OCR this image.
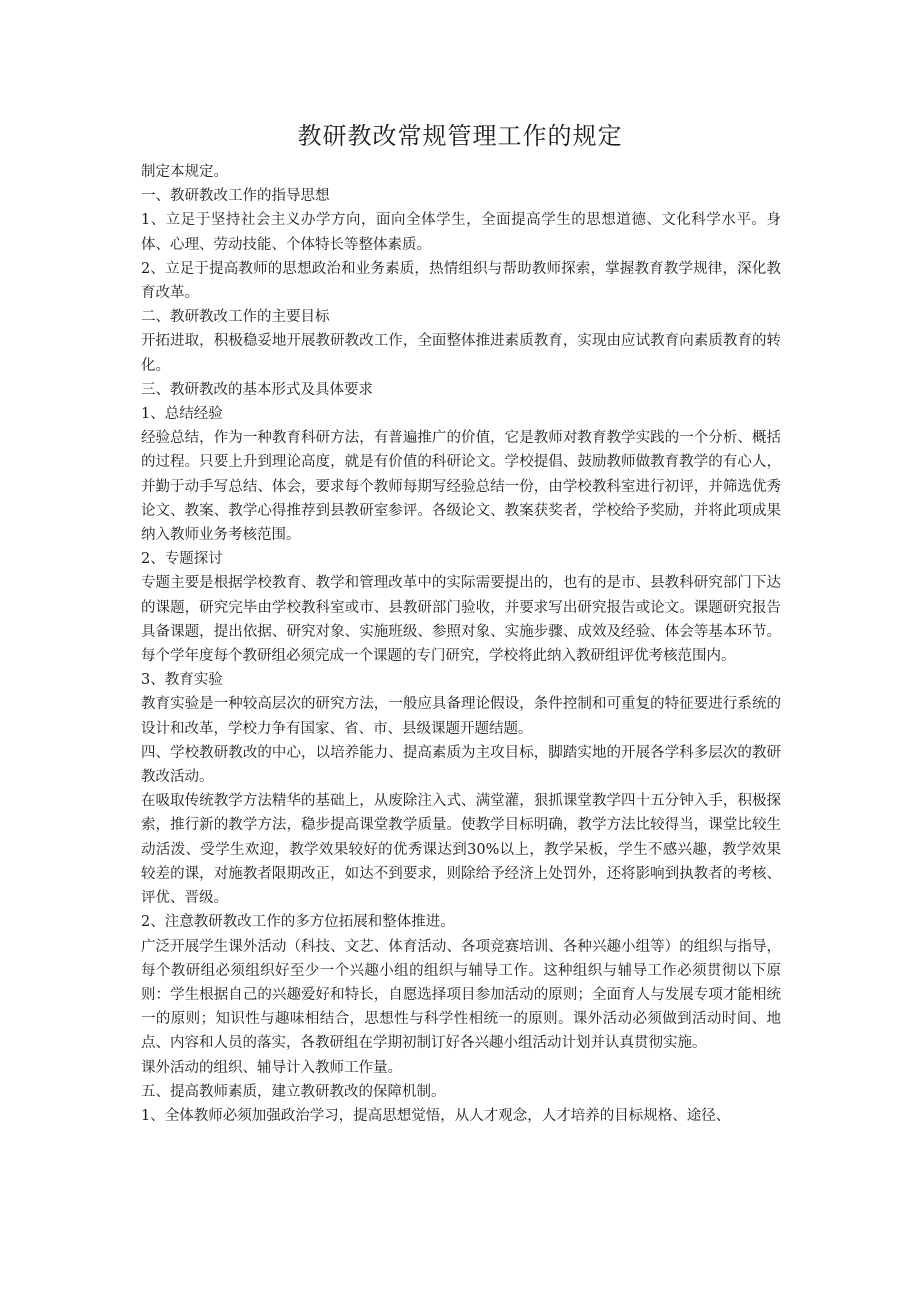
教研教改常规管理工作的规定

制定本规定。

一、教研教改工作的指导思想

1、立足于坚持社会主义办学方向，面向全体学生，全面提高学生的思想道德、文化科学水平。身体、心理、劳动技能、个体特长等整体素质。

2、立足于提高教师的思想政治和业务素质，热情组织与帮助教师探索，掌握教育教学规律，深化教育改革。

二、教研教改工作的主要目标

开拓进取，积极稳妥地开展教研教改工作，全面整体推进素质教育，实现由应试教育向素质教育的转化。

三、教研教改的基本形式及具体要求

1、总结经验

经验总结，作为一种教育科研方法，有普遍推广的价值，它是教师对教育教学实践的一个分析、概括的过程。只要上升到理论高度，就是有价值的科研论文。学校提倡、鼓励教师做教育教学的有心人，并勤于动手写总结、体会，要求每个教师每期写经验总结一份，由学校教科室进行初评，并筛选优秀论文、教案、教学心得推荐到县教研室参评。各级论文、教案获奖者，学校给予奖励，并将此项成果纳入教师业务考核范围。

2、专题探讨

专题主要是根据学校教育、教学和管理改革中的实际需要提出的，也有的是市、县教科研究部门下达的课题，研究完毕由学校教科室或市、县教研部门验收，并要求写出研究报告或论文。课题研究报告具备课题，提出依据、研究对象、实施班级、参照对象、实施步骤、成效及经验、体会等基本环节。每个学年度每个教研组必须完成一个课题的专门研究，学校将此纳入教研组评优考核范围内。

3、教育实验

教育实验是一种较高层次的研究方法，一般应具备理论假设，条件控制和可重复的特征要进行系统的设计和改革，学校力争有国家、省、市、县级课题开题结题。

四、学校教研教改的中心，以培养能力、提高素质为主攻目标，脚踏实地的开展各学科多层次的教研教改活动。

在吸取传统教学方法精华的基础上，从废除注入式、满堂灌，狠抓课堂教学四十五分钟入手，积极探索，推行新的教学方法，稳步提高课堂教学质量。使教学目标明确，教学方法比较得当，课堂比较生动活泼、受学生欢迎，教学效果较好的优秀课达到30%以上，教学呆板，学生不感兴趣，教学效果较差的课，对施教者限期改正，如达不到要求，则除给予经济上处罚外，还将影响到执教者的考核、评优、晋级。

2、注意教研教改工作的多方位拓展和整体推进。

广泛开展学生课外活动（科技、文艺、体育活动、各项竞赛培训、各种兴趣小组等）的组织与指导，每个教研组必须组织好至少一个兴趣小组的组织与辅导工作。这种组织与辅导工作必须贯彻以下原则：学生根据自己的兴趣爱好和特长，自愿选择项目参加活动的原则；全面育人与发展专项才能相统一的原则；知识性与趣味相结合，思想性与科学性相统一的原则。课外活动必须做到活动时间、地点、内容和人员的落实，各教研组在学期初制订好各兴趣小组活动计划并认真贯彻实施。

课外活动的组织、辅导计入教师工作量。

五、提高教师素质，建立教研教改的保障机制。

1、全体教师必须加强政治学习，提高思想觉悟，从人才观念，人才培养的目标规格、途径、
